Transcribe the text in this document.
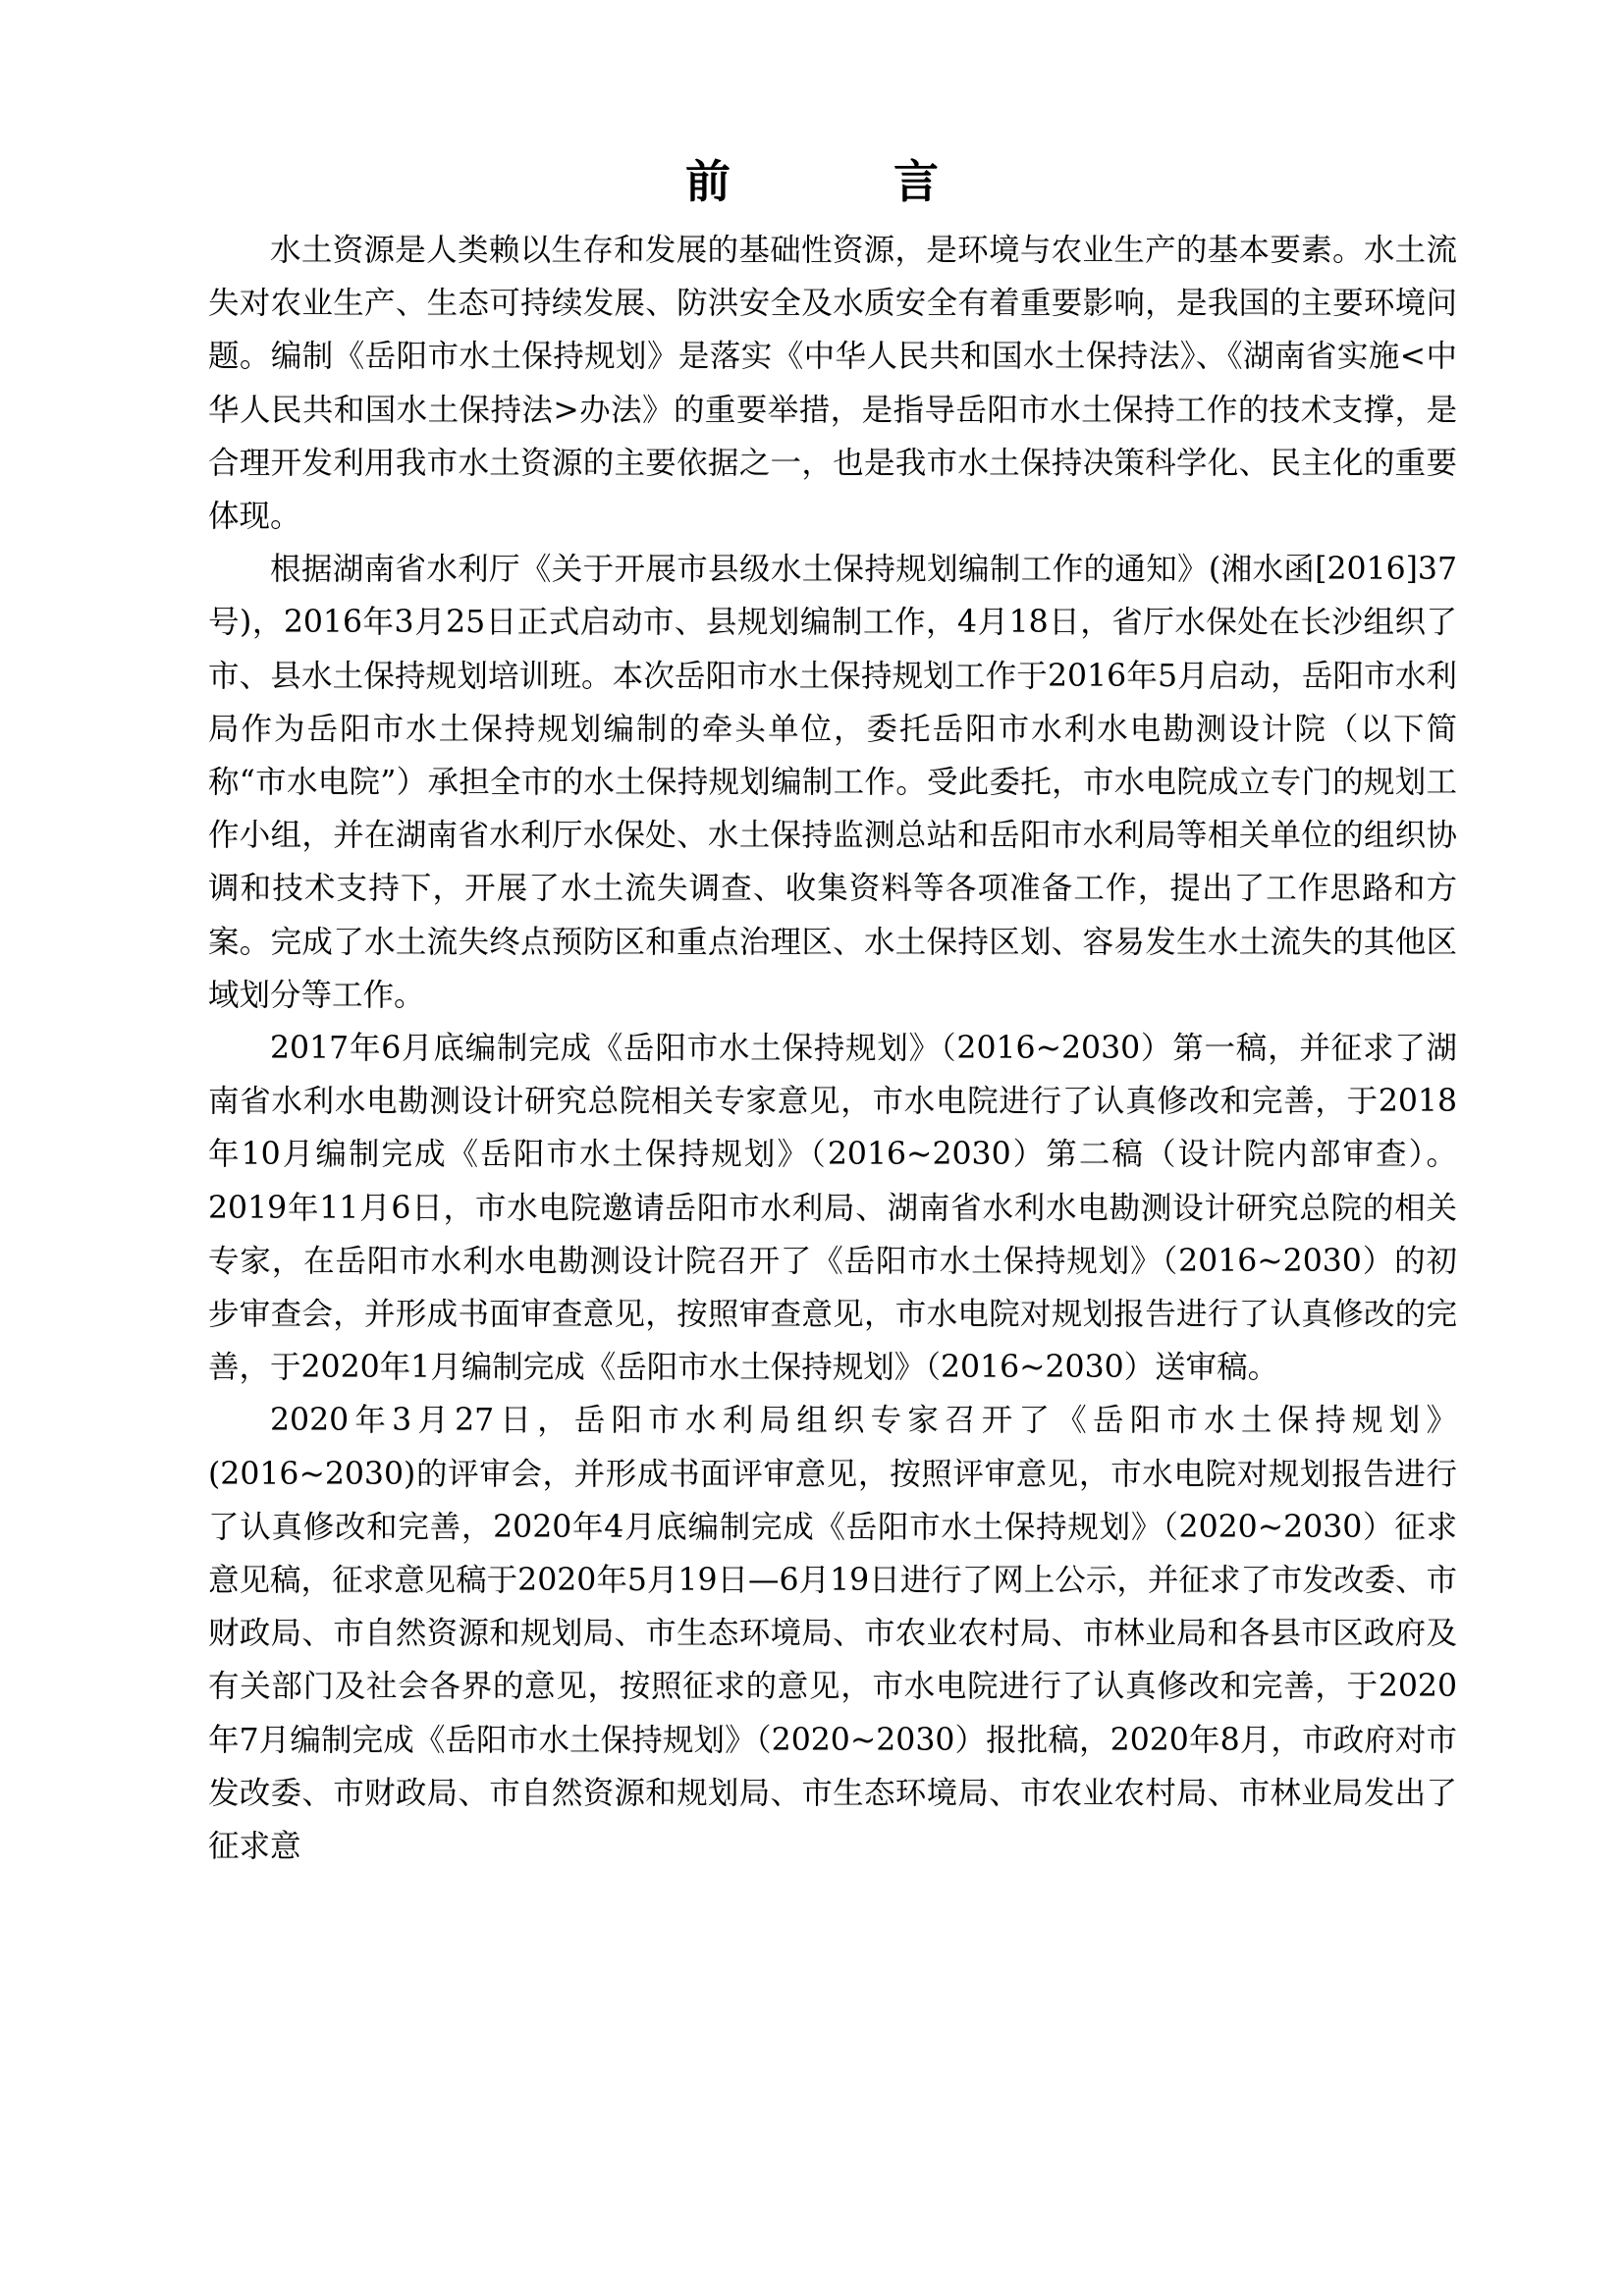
前　言

水土资源是人类赖以生存和发展的基础性资源，是环境与农业生产的基本要素。水土流失对农业生产、生态可持续发展、防洪安全及水质安全有着重要影响，是我国的主要环境问题。编制《岳阳市水土保持规划》是落实《中华人民共和国水土保持法》、《湖南省实施<中华人民共和国水土保持法>办法》的重要举措，是指导岳阳市水土保持工作的技术支撑，是合理开发利用我市水土资源的主要依据之一，也是我市水土保持决策科学化、民主化的重要体现。

根据湖南省水利厅《关于开展市县级水土保持规划编制工作的通知》(湘水函[2016]37号)，2016年3月25日正式启动市、县规划编制工作，4月18日，省厅水保处在长沙组织了市、县水土保持规划培训班。本次岳阳市水土保持规划工作于2016年5月启动，岳阳市水利局作为岳阳市水土保持规划编制的牵头单位，委托岳阳市水利水电勘测设计院（以下简称“市水电院”）承担全市的水土保持规划编制工作。受此委托，市水电院成立专门的规划工作小组，并在湖南省水利厅水保处、水土保持监测总站和岳阳市水利局等相关单位的组织协调和技术支持下，开展了水土流失调查、收集资料等各项准备工作，提出了工作思路和方案。完成了水土流失终点预防区和重点治理区、水土保持区划、容易发生水土流失的其他区域划分等工作。

2017年6月底编制完成《岳阳市水土保持规划》（2016~2030）第一稿，并征求了湖南省水利水电勘测设计研究总院相关专家意见，市水电院进行了认真修改和完善，于2018年10月编制完成《岳阳市水土保持规划》（2016~2030）第二稿（设计院内部审查）。2019年11月6日，市水电院邀请岳阳市水利局、湖南省水利水电勘测设计研究总院的相关专家，在岳阳市水利水电勘测设计院召开了《岳阳市水土保持规划》（2016~2030）的初步审查会，并形成书面审查意见，按照审查意见，市水电院对规划报告进行了认真修改的完善，于2020年1月编制完成《岳阳市水土保持规划》（2016~2030）送审稿。

2020年3月27日，岳阳市水利局组织专家召开了《岳阳市水土保持规划》(2016~2030)的评审会，并形成书面评审意见，按照评审意见，市水电院对规划报告进行了认真修改和完善，2020年4月底编制完成《岳阳市水土保持规划》（2020~2030）征求意见稿，征求意见稿于2020年5月19日—6月19日进行了网上公示，并征求了市发改委、市财政局、市自然资源和规划局、市生态环境局、市农业农村局、市林业局和各县市区政府及有关部门及社会各界的意见，按照征求的意见，市水电院进行了认真修改和完善，于2020年7月编制完成《岳阳市水土保持规划》（2020~2030）报批稿，2020年8月，市政府对市发改委、市财政局、市自然资源和规划局、市生态环境局、市农业农村局、市林业局发出了征求意
